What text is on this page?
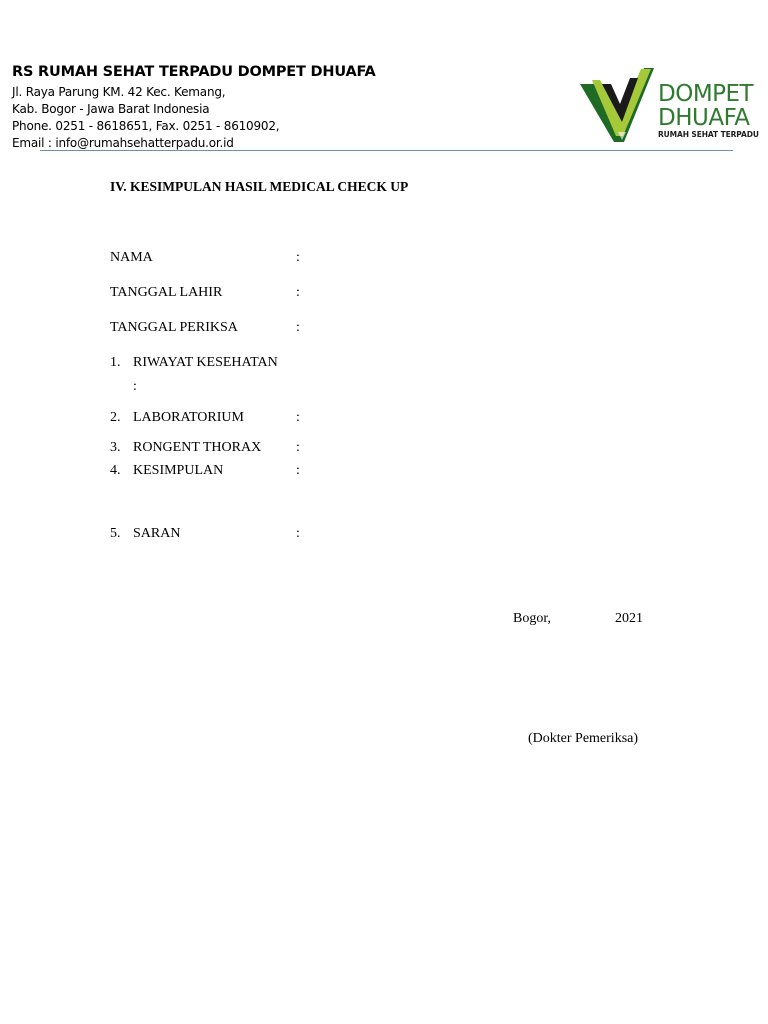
RS RUMAH SEHAT TERPADU DOMPET DHUAFA
Jl. Raya Parung KM. 42 Kec. Kemang,
Kab. Bogor - Jawa Barat Indonesia
Phone. 0251 - 8618651, Fax. 0251 - 8610902,
Email : info@rumahsehatterpadu.or.id
DOMPET
DHUAFA
RUMAH SEHAT TERPADU
IV. KESIMPULAN HASIL MEDICAL CHECK UP
NAMA	:
TANGGAL LAHIR	:
TANGGAL PERIKSA	:
1. RIWAYAT KESEHATAN
:
2. LABORATORIUM	:
3. RONGENT THORAX :
4. KESIMPULAN	:
5. SARAN	:
Bogor,	2021
(Dokter Pemeriksa)
